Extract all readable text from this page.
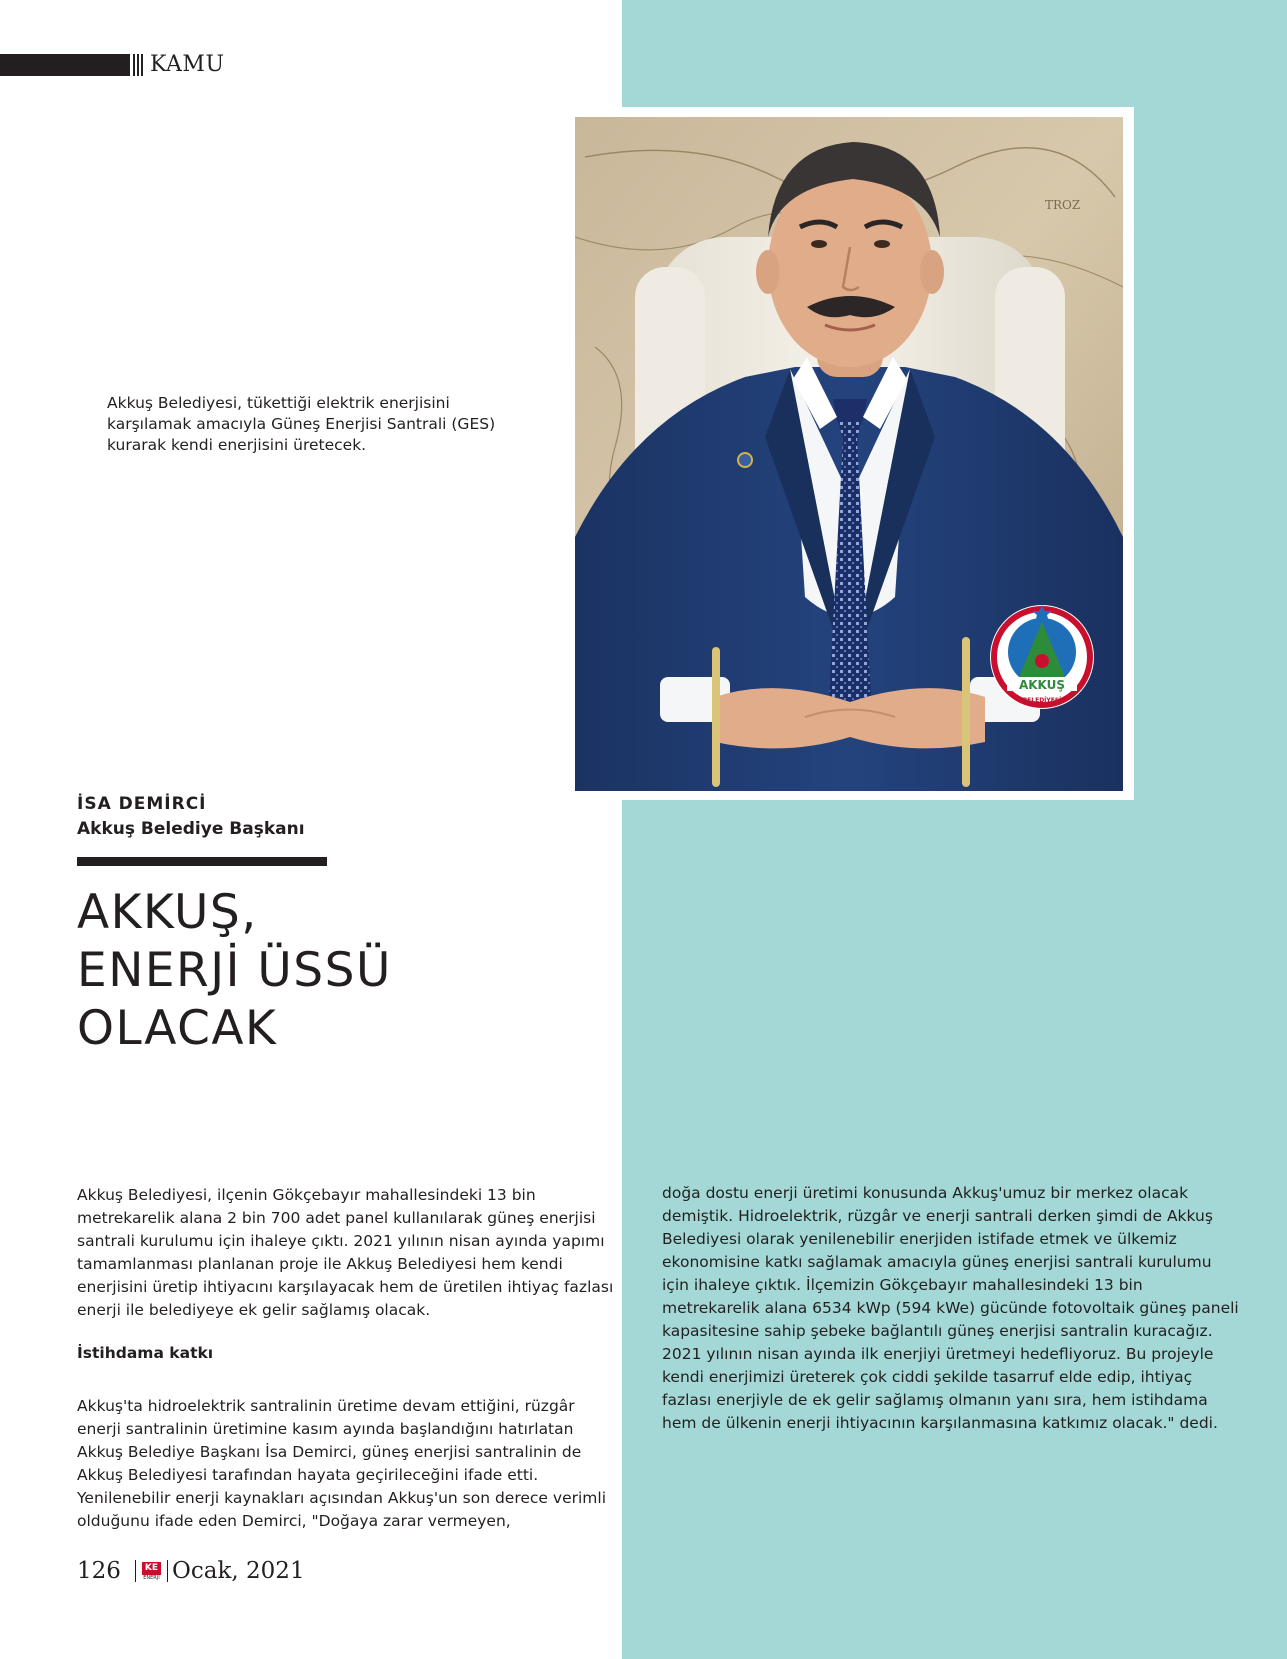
KAMU
TROZ
AKKUŞ
BELEDİYESİ
Akkuş Belediyesi, tükettiği elektrik enerjisini karşılamak amacıyla Güneş Enerjisi Santrali (GES) kurarak kendi enerjisini üretecek.
İSA DEMİRCİ
Akkuş Belediye Başkanı
AKKUŞ,
ENERJİ ÜSSÜ
OLACAK

Akkuş Belediyesi, ilçenin Gökçebayır mahallesindeki 13 bin metrekarelik alana 2 bin 700 adet panel kullanılarak güneş enerjisi santrali kurulumu için ihaleye çıktı. 2021 yılının nisan ayında yapımı tamamlanması planlanan proje ile Akkuş Belediyesi hem kendi enerjisini üretip ihtiyacını karşılayacak hem de üretilen ihtiyaç fazlası enerji ile belediyeye ek gelir sağlamış olacak.

İstihdama katkı

Akkuş'ta hidroelektrik santralinin üretime devam ettiğini, rüzgâr enerji santralinin üretimine kasım ayında başlandığını hatırlatan Akkuş Belediye Başkanı İsa Demirci, güneş enerjisi santralinin de Akkuş Belediyesi tarafından hayata geçirileceğini ifade etti. Yenilenebilir enerji kaynakları açısından Akkuş'un son derece verimli olduğunu ifade eden Demirci, "Doğaya zarar vermeyen,

doğa dostu enerji üretimi konusunda Akkuş'umuz bir merkez olacak demiştik. Hidroelektrik, rüzgâr ve enerji santrali derken şimdi de Akkuş Belediyesi olarak yenilenebilir enerjiden istifade etmek ve ülkemiz ekonomisine katkı sağlamak amacıyla güneş enerjisi santrali kurulumu için ihaleye çıktık. İlçemizin Gökçebayır mahallesindeki 13 bin metrekarelik alana 6534 kWp (594 kWe) gücünde fotovoltaik güneş paneli kapasitesine sahip şebeke bağlantılı güneş enerjisi santralin kuracağız. 2021 yılının nisan ayında ilk enerjiyi üretmeyi hedefliyoruz. Bu projeyle kendi enerjimizi üreterek çok ciddi şekilde tasarruf elde edip, ihtiyaç fazlası enerjiyle de ek gelir sağlamış olmanın yanı sıra, hem istihdama hem de ülkenin enerji ihtiyacının karşılanmasına katkımız olacak." dedi.

126	KE
ENERJİ Ocak, 2021
